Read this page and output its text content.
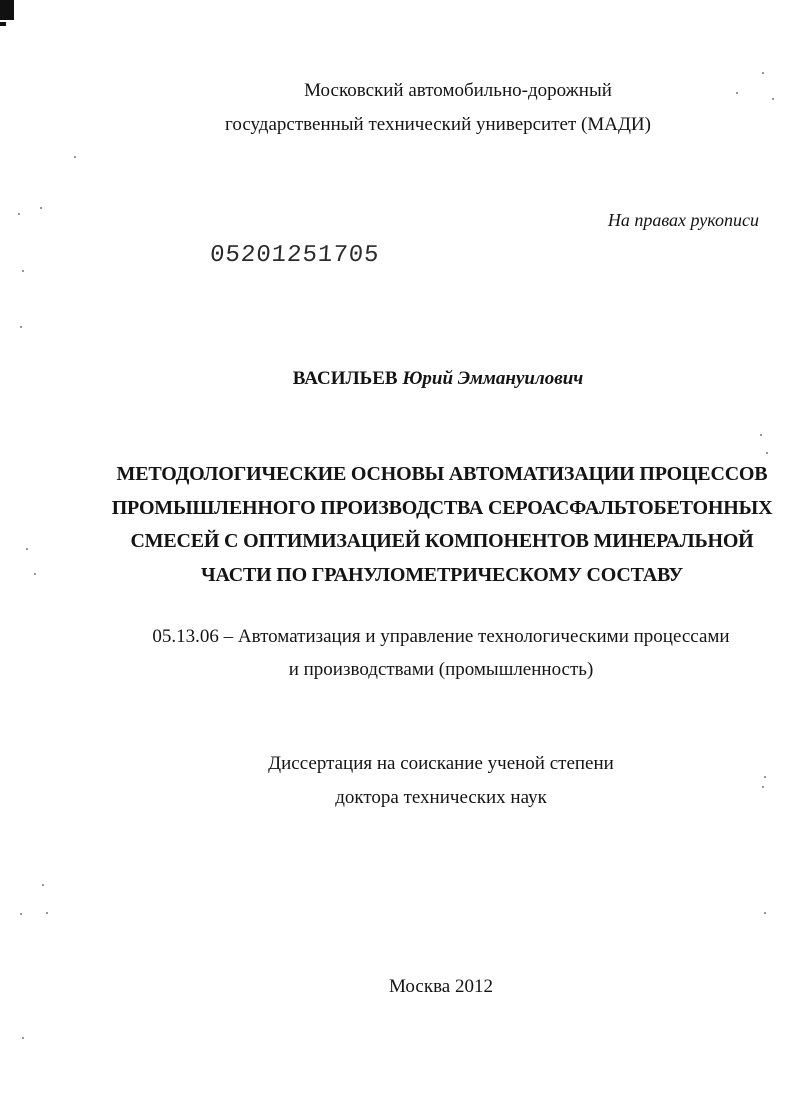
Московский автомобильно-дорожный
государственный технический университет (МАДИ)
На правах рукописи
05201251705
ВАСИЛЬЕВ Юрий Эммануилович
МЕТОДОЛОГИЧЕСКИЕ ОСНОВЫ АВТОМАТИЗАЦИИ ПРОЦЕССОВ
ПРОМЫШЛЕННОГО ПРОИЗВОДСТВА СЕРОАСФАЛЬТОБЕТОННЫХ
СМЕСЕЙ С ОПТИМИЗАЦИЕЙ КОМПОНЕНТОВ МИНЕРАЛЬНОЙ
ЧАСТИ ПО ГРАНУЛОМЕТРИЧЕСКОМУ СОСТАВУ
05.13.06 – Автоматизация и управление технологическими процессами
и производствами (промышленность)
Диссертация на соискание ученой степени
доктора технических наук
Москва 2012
